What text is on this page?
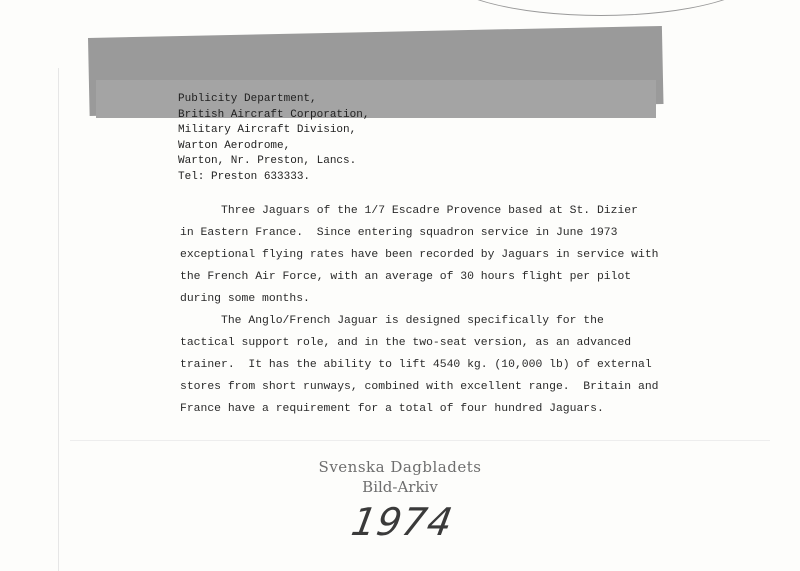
Publicity Department,
British Aircraft Corporation,
Military Aircraft Division,
Warton Aerodrome,
Warton, Nr. Preston, Lancs.
Tel: Preston 633333.

Three Jaguars of the 1/7 Escadre Provence based at St. Dizier
in Eastern France.  Since entering squadron service in June 1973
exceptional flying rates have been recorded by Jaguars in service with
the French Air Force, with an average of 30 hours flight per pilot
during some months.

The Anglo/French Jaguar is designed specifically for the
tactical support role, and in the two-seat version, as an advanced
trainer.  It has the ability to lift 4540 kg. (10,000 lb) of external
stores from short runways, combined with excellent range.  Britain and
France have a requirement for a total of four hundred Jaguars.

Svenska Dagbladets
Bild-Arkiv
1974
